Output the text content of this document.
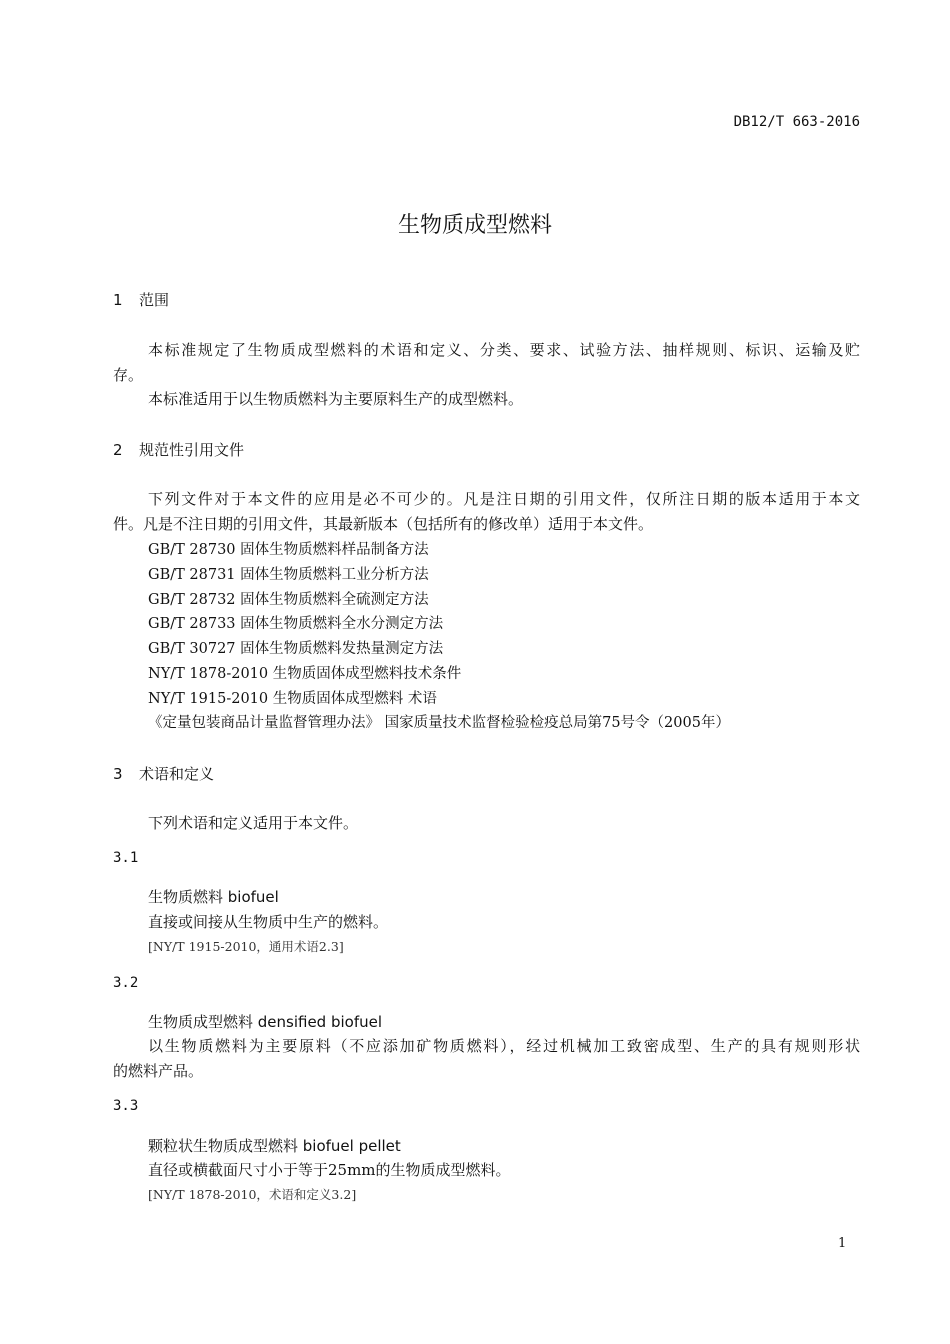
DB12/T 663-2016
生物质成型燃料
1 范围
本标准规定了生物质成型燃料的术语和定义、分类、要求、试验方法、抽样规则、标识、运输及贮
存。
本标准适用于以生物质燃料为主要原料生产的成型燃料。
2 规范性引用文件
下列文件对于本文件的应用是必不可少的。凡是注日期的引用文件，仅所注日期的版本适用于本文
件。凡是不注日期的引用文件，其最新版本（包括所有的修改单）适用于本文件。
GB/T 28730 固体生物质燃料样品制备方法
GB/T 28731 固体生物质燃料工业分析方法
GB/T 28732 固体生物质燃料全硫测定方法
GB/T 28733 固体生物质燃料全水分测定方法
GB/T 30727 固体生物质燃料发热量测定方法
NY/T 1878-2010 生物质固体成型燃料技术条件
NY/T 1915-2010 生物质固体成型燃料 术语
《定量包装商品计量监督管理办法》 国家质量技术监督检验检疫总局第75号令（2005年）
3 术语和定义
下列术语和定义适用于本文件。
3.1
生物质燃料 biofuel
直接或间接从生物质中生产的燃料。
[NY/T 1915-2010，通用术语2.3]
3.2
生物质成型燃料 densified biofuel
以生物质燃料为主要原料（不应添加矿物质燃料），经过机械加工致密成型、生产的具有规则形状
的燃料产品。
3.3
颗粒状生物质成型燃料 biofuel pellet
直径或横截面尺寸小于等于25mm的生物质成型燃料。
[NY/T 1878-2010，术语和定义3.2]
1
